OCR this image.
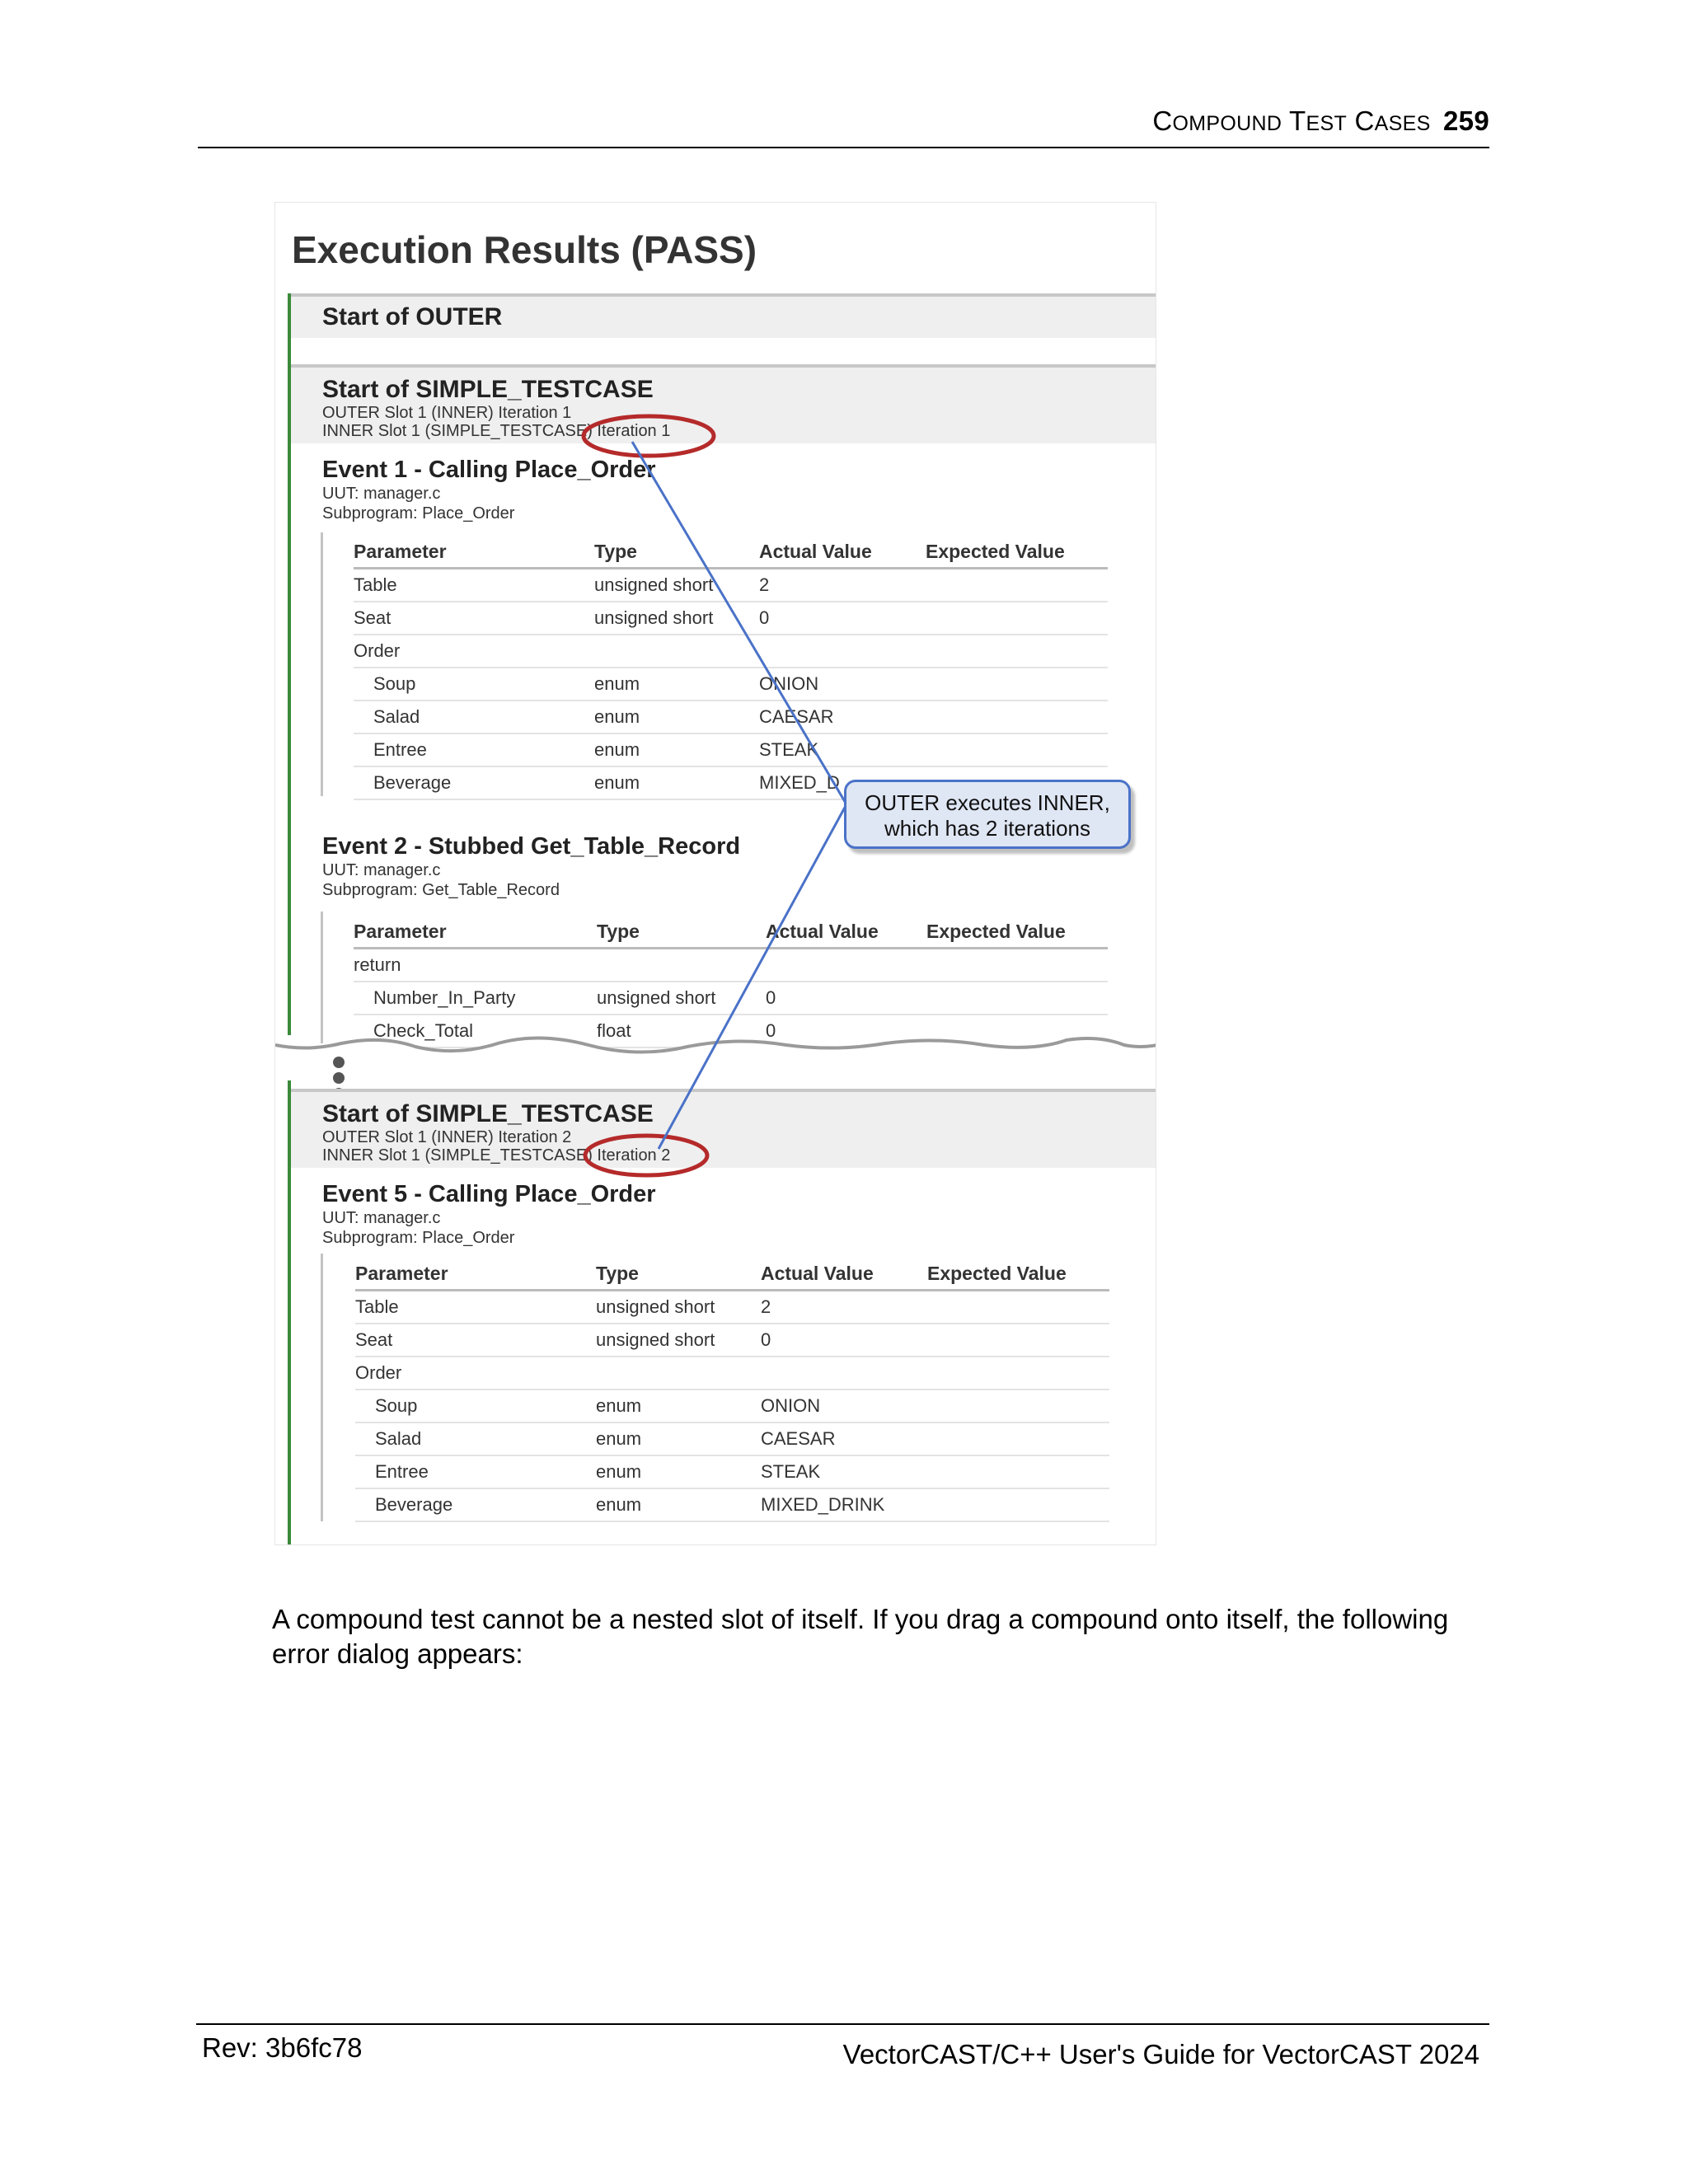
COMPOUND TEST CASES 259
Execution Results (PASS)
Start of OUTER
Start of SIMPLE_TESTCASE
OUTER Slot 1 (INNER) Iteration 1
INNER Slot 1 (SIMPLE_TESTCASE) Iteration 1
Event 1 - Calling Place_Order
UUT: manager.c
Subprogram: Place_Order
Parameter	Type	Actual Value	Expected Value
Table	unsigned short	2	
Seat	unsigned short	0	
Order			
Soup	enum	ONION	
Salad	enum	CAESAR	
Entree	enum	STEAK	
Beverage	enum	MIXED_D	
Event 2 - Stubbed Get_Table_Record
UUT: manager.c
Subprogram: Get_Table_Record
Parameter	Type	Actual Value	Expected Value
return			
Number_In_Party	unsigned short	0	
Check_Total	float	0	
Start of SIMPLE_TESTCASE
OUTER Slot 1 (INNER) Iteration 2
INNER Slot 1 (SIMPLE_TESTCASE) Iteration 2
Event 5 - Calling Place_Order
UUT: manager.c
Subprogram: Place_Order
Parameter	Type	Actual Value	Expected Value
Table	unsigned short	2	
Seat	unsigned short	0	
Order			
Soup	enum	ONION	
Salad	enum	CAESAR	
Entree	enum	STEAK	
Beverage	enum	MIXED_DRINK	
OUTER executes INNER,
which has 2 iterations
A compound test cannot be a nested slot of itself. If you drag a compound onto itself, the following error dialog appears:
Rev: 3b6fc78	VectorCAST/C++ User's Guide for VectorCAST 2024
